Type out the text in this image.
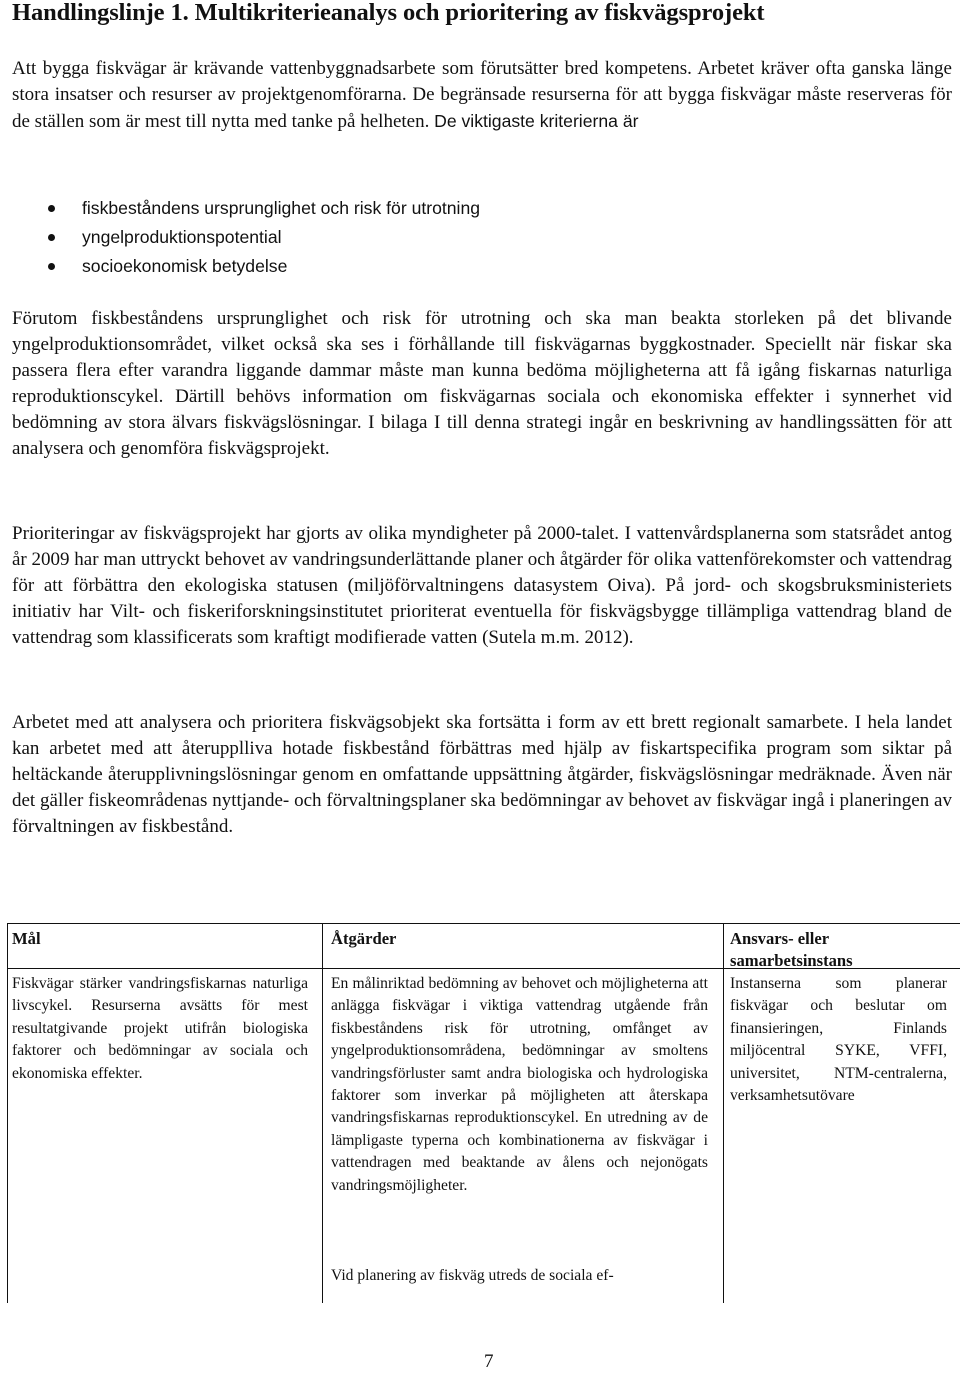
Handlingslinje 1. Multikriterieanalys och prioritering av fiskvägsprojekt

Att bygga fiskvägar är krävande vattenbyggnadsarbete som förutsätter bred kompetens. Arbetet kräver ofta ganska länge stora insatser och resurser av projektgenomförarna. De begränsade resurserna för att bygga fiskvägar måste reserveras för de ställen som är mest till nytta med tanke på helheten. De viktigaste kriterierna är

fiskbeståndens ursprunglighet och risk för utrotning
yngelproduktionspotential
socioekonomisk betydelse

Förutom fiskbeståndens ursprunglighet och risk för utrotning och ska man beakta storleken på det blivande yngelproduktionsområdet, vilket också ska ses i förhållande till fiskvägarnas byggkostnader. Speciellt när fiskar ska passera flera efter varandra liggande dammar måste man kunna bedöma möjligheterna att få igång fiskarnas naturliga reproduktionscykel. Därtill behövs information om fiskvägarnas sociala och ekonomiska effekter i synnerhet vid bedömning av stora älvars fiskvägslösningar. I bilaga I till denna strategi ingår en beskrivning av handlingssätten för att analysera och genomföra fiskvägsprojekt.

Prioriteringar av fiskvägsprojekt har gjorts av olika myndigheter på 2000-talet. I vattenvårdsplanerna som statsrådet antog år 2009 har man uttryckt behovet av vandringsunderlättande planer och åtgärder för olika vattenförekomster och vattendrag för att förbättra den ekologiska statusen (miljöförvaltningens datasystem Oiva). På jord- och skogsbruksministeriets initiativ har Vilt- och fiskeriforskningsinstitutet prioriterat eventuella för fiskvägsbygge tillämpliga vattendrag bland de vattendrag som klassificerats som kraftigt modifierade vatten (Sutela m.m. 2012).

Arbetet med att analysera och prioritera fiskvägsobjekt ska fortsätta i form av ett brett regionalt samarbete. I hela landet kan arbetet med att återupplliva hotade fiskbestånd förbättras med hjälp av fiskartspecifika program som siktar på heltäckande återupplivningslösningar genom en omfattande uppsättning åtgärder, fiskvägslösningar medräknade. Även när det gäller fiskeområdenas nyttjande- och förvaltningsplaner ska bedömningar av behovet av fiskvägar ingå i planeringen av förvaltningen av fiskbestånd.

Mål	Åtgärder	Ansvars- eller samarbetsinstans
Fiskvägar stärker vandringsfiskarnas naturliga livscykel. Resurserna avsätts för mest resultatgivande projekt utifrån biologiska faktorer och bedömningar av sociala och ekonomiska effekter.
En målinriktad bedömning av behovet och möjligheterna att anlägga fiskvägar i viktiga vattendrag utgående från fiskbeståndens risk för utrotning, omfånget av yngelproduktionsområdena, bedömningar av smoltens vandringsförluster samt andra biologiska och hydrologiska faktorer som inverkar på möjligheten att återskapa vandringsfiskarnas reproduktionscykel. En utredning av de lämpligaste typerna och kombinationerna av fiskvägar i vattendragen med beaktande av ålens och nejonögats vandringsmöjligheter.
Vid planering av fiskväg utreds de sociala ef-
Instanserna som planerar fiskvägar och beslutar om finansieringen, Finlands miljöcentral SYKE, VFFI, universitet, NTM-centralerna, verksamhetsutövare
7
